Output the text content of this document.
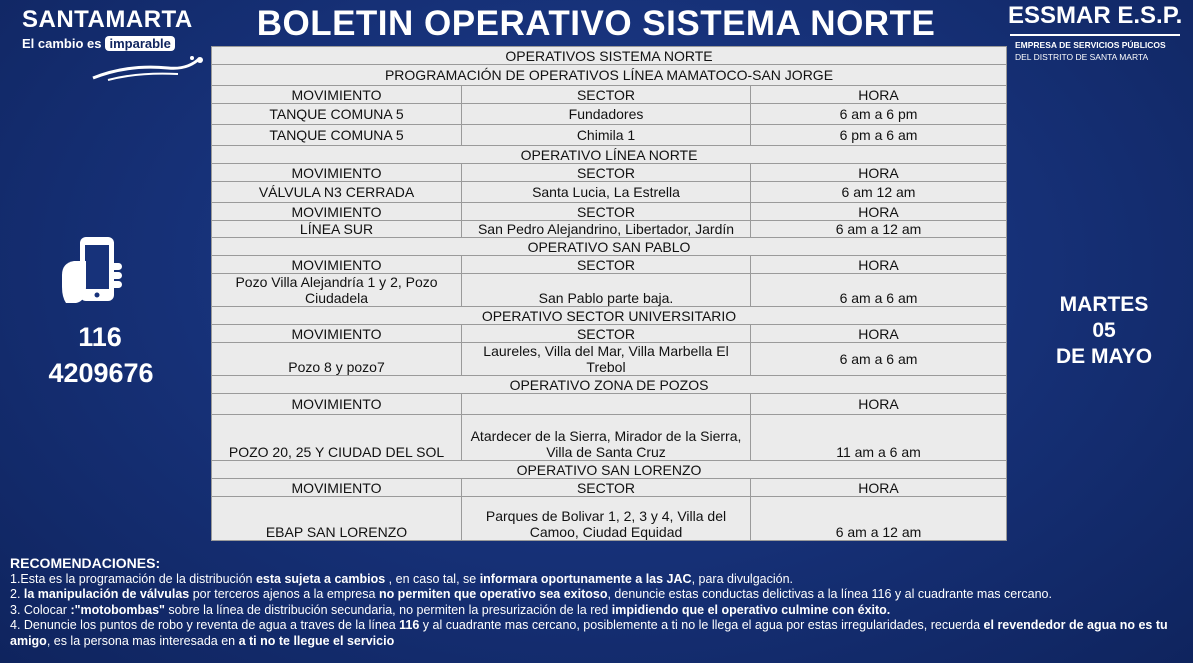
SANTAMARTA
El cambio es imparable
BOLETIN OPERATIVO SISTEMA NORTE	ESSMAR E.S.P.
EMPRESA DE SERVICIOS PÚBLICOS
DEL DISTRITO DE SANTA MARTA
116
4209676
MARTES
05
DE MAYO
OPERATIVOS SISTEMA NORTE		
PROGRAMACIÓN DE OPERATIVOS LÍNEA MAMATOCO-SAN JORGE		
MOVIMIENTO	SECTOR	HORA
TANQUE COMUNA 5	Fundadores	6 am a 6 pm
TANQUE COMUNA 5	Chimila 1	6 pm a 6 am
OPERATIVO LÍNEA NORTE		
MOVIMIENTO	SECTOR	HORA
VÁLVULA N3 CERRADA	Santa Lucia, La Estrella	6 am 12 am
MOVIMIENTO	SECTOR	HORA
LÍNEA SUR	San Pedro Alejandrino, Libertador, Jardín	6 am a 12 am
OPERATIVO SAN PABLO		
MOVIMIENTO	SECTOR	HORA
Pozo Villa Alejandría 1 y 2, Pozo Ciudadela	San Pablo parte baja.	6 am a 6 am
OPERATIVO SECTOR UNIVERSITARIO		
MOVIMIENTO	SECTOR	HORA
Pozo 8 y pozo7	Laureles, Villa del Mar, Villa Marbella El Trebol	6 am a 6 am
OPERATIVO ZONA DE POZOS		
MOVIMIENTO		HORA
POZO 20, 25 Y CIUDAD DEL SOL	Atardecer de la Sierra, Mirador de la Sierra, Villa de Santa Cruz	11 am a 6 am
OPERATIVO SAN LORENZO		
MOVIMIENTO	SECTOR	HORA
EBAP SAN LORENZO	Parques de Bolivar 1, 2, 3 y 4, Villa del Camoo, Ciudad Equidad	6 am a 12 am
RECOMENDACIONES:
1.Esta es la programación de la distribución esta sujeta a cambios , en caso tal, se informara oportunamente a las JAC, para divulgación.
2. la manipulación de válvulas por terceros ajenos a la empresa no permiten que operativo sea exitoso, denuncie estas conductas delictivas a la línea 116 y al cuadrante mas cercano.
3. Colocar :"motobombas" sobre la línea de distribución secundaria, no permiten la presurización de la red impidiendo que el operativo culmine con éxito.
4. Denuncie los puntos de robo y reventa de agua a traves de la línea 116 y al cuadrante mas cercano, posiblemente a ti no le llega el agua por estas irregularidades, recuerda el revendedor de agua no es tu amigo, es la persona mas interesada en a ti no te llegue el servicio
